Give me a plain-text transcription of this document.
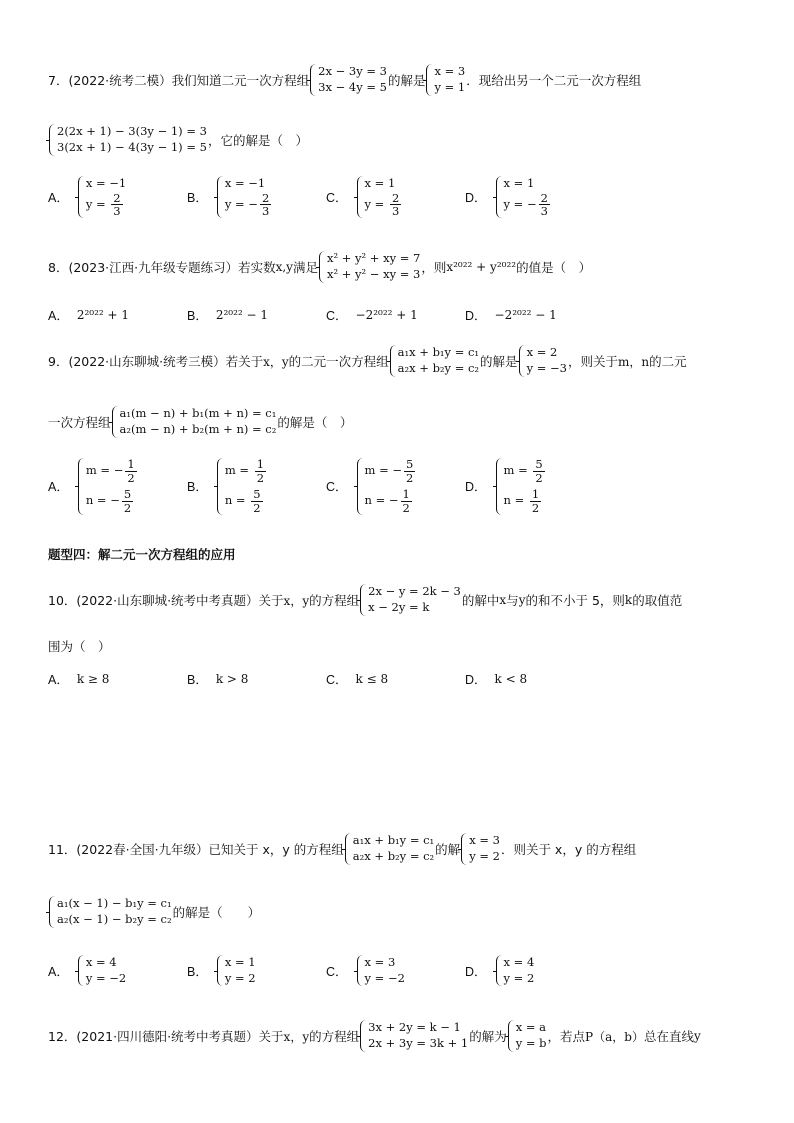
7．(2022·统考二模）我们知道二元一次方程组
2x − 3y = 3
3x − 4y = 5 的解是
x = 3
y = 1 ．现给出另一个二元一次方程组
2(2x + 1) − 3(3y − 1) = 3
3(2x + 1) − 4(3y − 1) = 5 ，它的解是（　）
A．
x = −1
$y = \frac{2}{3}$	B．
x = −1
y = − $\frac{2}{3}$	C．
x = 1
$y = \frac{2}{3}$	D．
x = 1
y = − $\frac{2}{3}$
8．(2023·江西·九年级专题练习）若实数 x,y 满足
x² + y² + xy = 7
x² + y² − xy = 3 ，则 x²⁰²² + y²⁰²² 的值是（　）
A． 2²⁰²² + 1	B． 2²⁰²² − 1	C． −2²⁰²² + 1	D． −2²⁰²² − 1
9．(2022·山东聊城·统考三模）若关于 x，y 的二元一次方程组
a₁x + b₁y = c₁
a₂x + b₂y = c₂ 的解是
x = 2
y = −3 ，则关于 m，n 的二元
一次方程组
a₁(m − n) + b₁(m + n) = c₁
a₂(m − n) + b₂(m + n) = c₂ 的解是（　）
A．
m = − $\frac{1}{2}$
n = − $\frac{5}{2}$
B．
$m = \frac{1}{2}$
$n = \frac{5}{2}$
C．
m = − $\frac{5}{2}$
n = − $\frac{1}{2}$
D．
$m = \frac{5}{2}$
$n = \frac{1}{2}$
题型四：解二元一次方程组的应用
10．(2022·山东聊城·统考中考真题）关于 x，y 的方程组
2x − y = 2k − 3
x − 2y = k	的解中 x 与 y 的和不小于 5，则 k 的取值范
围为（　）
A． k ≥ 8	B． k > 8	C． k ≤ 8	D． k < 8
11．(2022春·全国·九年级）已知关于 x，y 的方程组
a₁x + b₁y = c₁
a₂x + b₂y = c₂ 的解
x = 3
y = 2 ．则关于 x，y 的方程组
a₁(x − 1) − b₁y = c₁
a₂(x − 1) − b₂y = c₂ 的解是（　　）
A．
x = 4
y = −2	B．
x = 1
y = 2	C．
x = 3
y = −2	D．
x = 4
y = 2
12．(2021·四川德阳·统考中考真题）关于 x，y 的方程组
3x + 2y = k − 1
2x + 3y = 3k + 1 的解为
x = a
y = b ，若点 P（a，b） 总在直线 y
